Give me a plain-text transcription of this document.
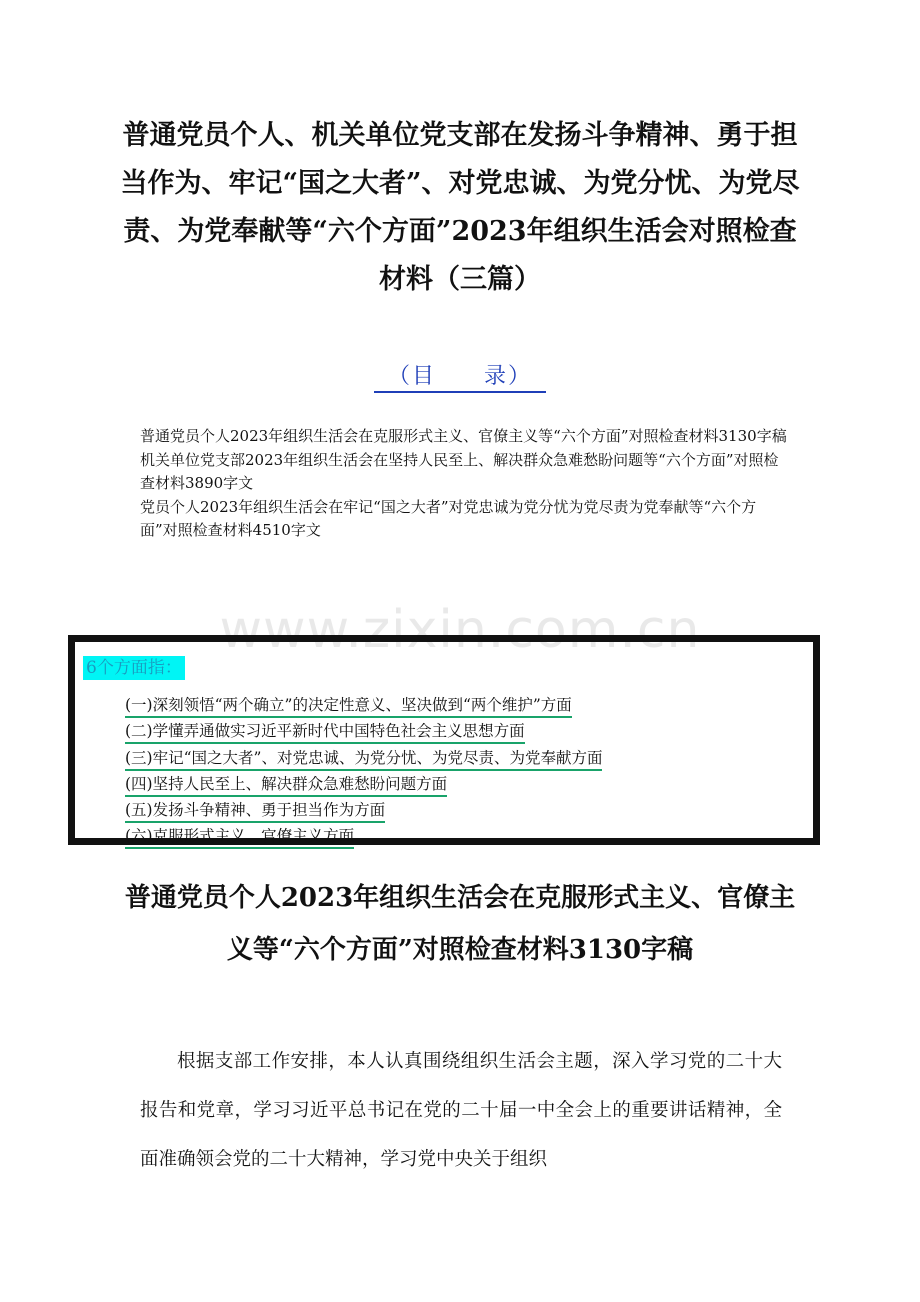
普通党员个人、机关单位党支部在发扬斗争精神、勇于担当作为、牢记“国之大者”、对党忠诚、为党分忧、为党尽责、为党奉献等“六个方面”2023年组织生活会对照检查材料（三篇）
（目　　录）

普通党员个人2023年组织生活会在克服形式主义、官僚主义等“六个方面”对照检查材料3130字稿

机关单位党支部2023年组织生活会在坚持人民至上、解决群众急难愁盼问题等“六个方面”对照检查材料3890字文

党员个人2023年组织生活会在牢记“国之大者”对党忠诚为党分忧为党尽责为党奉献等“六个方面”对照检查材料4510字文

www.zixin.com.cn
6个方面指：
(一)深刻领悟“两个确立”的决定性意义、坚决做到“两个维护”方面
(二)学懂弄通做实习近平新时代中国特色社会主义思想方面
(三)牢记“国之大者”、对党忠诚、为党分忧、为党尽责、为党奉献方面
(四)坚持人民至上、解决群众急难愁盼问题方面
(五)发扬斗争精神、勇于担当作为方面
(六)克服形式主义、官僚主义方面
普通党员个人2023年组织生活会在克服形式主义、官僚主义等“六个方面”对照检查材料3130字稿

根据支部工作安排，本人认真围绕组织生活会主题，深入学习党的二十大报告和党章，学习习近平总书记在党的二十届一中全会上的重要讲话精神，全面准确领会党的二十大精神，学习党中央关于组织
